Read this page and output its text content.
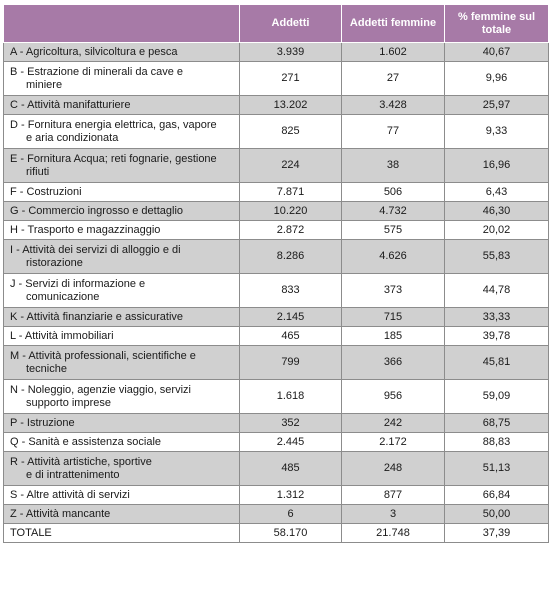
	Addetti	Addetti femmine	% femmine sul totale
A - Agricoltura, silvicoltura e pesca	3.939	1.602	40,67
B - Estrazione di minerali da cave e
miniere	271	27	9,96
C - Attività manifatturiere	13.202	3.428	25,97
D - Fornitura energia elettrica, gas, vapore
e aria condizionata	825	77	9,33
E - Fornitura Acqua; reti fognarie, gestione
rifiuti	224	38	16,96
F - Costruzioni	7.871	506	6,43
G - Commercio ingrosso e dettaglio	10.220	4.732	46,30
H - Trasporto e magazzinaggio	2.872	575	20,02
I - Attività dei servizi di alloggio e di
ristorazione	8.286	4.626	55,83
J - Servizi di informazione e
comunicazione	833	373	44,78
K - Attività finanziarie e assicurative	2.145	715	33,33
L - Attività immobiliari	465	185	39,78
M - Attività professionali, scientifiche e
tecniche	799	366	45,81
N - Noleggio, agenzie viaggio, servizi
supporto imprese	1.618	956	59,09
P - Istruzione	352	242	68,75
Q - Sanità e assistenza sociale	2.445	2.172	88,83
R - Attività artistiche, sportive
e di intrattenimento	485	248	51,13
S - Altre attività di servizi	1.312	877	66,84
Z - Attività mancante	6	3	50,00
TOTALE	58.170	21.748	37,39
